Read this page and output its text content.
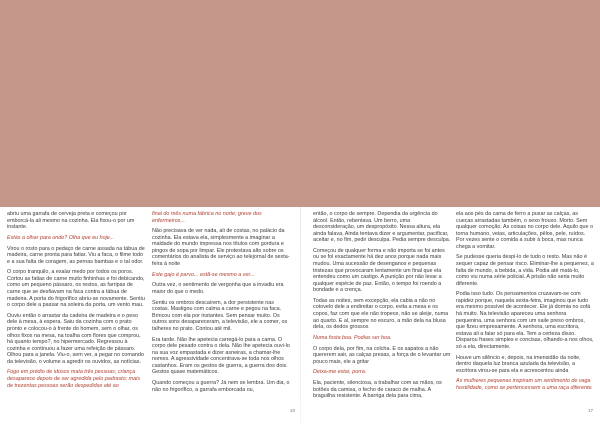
abriu uma garrafa de cerveja preta e começou por emborcá-la ali mesmo na cozinha. Ela fixou-o por um instante.

Estás a olhar para onde? Olha que eu hoje...

Virou o rosto para o pedaço de carne assada na tábua de madeira, carne pronta para fatiar. Viu a faca, o filme todo e a sua falta de coragem, as pernas bambas e o tal odor.

O corpo tranquilo, a exalar medo por todos os poros. Cortou as fatias de carne muito finhinhas e foi debicando, como um pequeno pássaro, os restos, as farripas de carne que se desfiavam na faca contra a tábua de madeira. A porta do frigorífico abriu-se novamente. Sentiu o corpo dele a passar na soleira da porta, um vento mau.

Ouviu então o arrastar da cadeira de madeira e o peso dele à mesa, à espera. Saiu da cozinha com o prato pronto e colocou-o à frente do homem, sem o olhar, os olhos fixos na mesa, na toalha com flores que comprou, há quanto tempo?, no hipermercado. Regressou à cozinha e continuou a fazer uma refeição de pássaro. Olhou para a janela. Viu-o, sem ver, a pegar no comando da televisão, o volume a agredir os ouvidos, as notícias.

Fogo em prédio de idosos mata três pessoas; criança desaparece depois de ser agredida pelo padrasto; mais de trezentas pessoas serão despedidas até ao

final do mês numa fábrica no norte; greve dos enfermeiros...

Não precisava de ver nada, ali de costas, no palácio da cozinha. Ela estava ela, simplesmente a imaginar a maldade do mundo impressa nos títulos com gordura e pingos de sopa por limpar. Ele protestava alto sobre os comentários do analista de serviço ao telejornal de sexta-feira à noite

Este gajo é parvo... estã-se mesmo a ver...

Outra vez, o sentimento de vergonha que a invadiu era maior do que o medo.

Sentiu os ombros descaírem, a dor persistente nas costas. Mastigou com calma a carne e pegou na faca. Brincou com ela por instantes. Sem pensar muito. Os outros sons desapareceram, a televisão, ele a comer, os talheres no prato. Contou até mil.

Era tarde. Não lhe apetecia carregá-lo para a cama. O corpo dele pesado contra o dela. Não lhe apetecia ouvi-lo na sua voz empastada e dizer asneiras, a chamar-lhe nomes. A agressividade concentrava-se toda nos olhos castanhos. Eram os gestos de guerra, a guerra dos dois. Gestos quase matemáticos.

Quando começou a guerra? Já nem se lembra. Um dia, o não no frigorífico, a garrafa emborcada ou,

então, o corpo de sempre. Dependia da urgência do álcool. Então, rebentava. Um berro, uma desconsideração, um despropósito. Nessa altura, ela ainda falava. Ainda tentava dizer e argumentar, pacificar, aceitar e, no fim, pedir desculpa. Pedia sempre desculpa.

Começou de qualquer forma e não importa se foi antes ou se foi exactamente há dez anos porque nada mais mudou. Uma sucessão de desenganos e pequenas tristezas que provocaram lentamente um final que ela entendeu como um castigo. A punição por não levar a qualquer espécie de paz. Então, o tempo foi roendo a bondade e a crença.

Todas as noites, sem excepção, ela cabia a não no cotovelo dele a endireitar o corpo, evita a mesa e os copos, faz com que ele não tropece, não se aleije, numa ao quarto. E al, sempre no escuro, a mão dela na blusa dela, os dedos grossos

Numa fosta boa. Podias ser boa.

O corpo dela, por fim, na colcha. E os sapatos a não quererem sair, as calças presas, a força de o levantar um pouco mais, ele a gritar

Deixa-me estar, porra.

Ela, paciente, silenciosa, a trabalhar com as mãos, os botões da camisa, o fecho de caraco de malha. A braguilha resistente. A barriga dela para cima,

ela aos pés da cama de ferro a puxar as calças, as cuecas arrastadas também, o sexo frouxo. Morto. Sem qualquer comoção. As coisas no corpo dele. Aquilo que o torna humano, veias, articulações, pêlos, pele, ruídos. Por vezes sente o comida a subir à boca, mas nunca chega a vomitar.

Se pudesse queria despi-lo de tudo o resto. Mas não é sequer capaz de pensar risco. Eliminar-lhe a pequenez, a falta de mundo, a bebida, a vida. Podia até matá-lo, como viu numa série policial. A prisão não seria muito diferente.

Podia isso tudo. Os pensamentos cruzavam-se com rapidez porque, naquela sexta-feira, imaginou que tudo era mesmo possível de acontecer. Ele já dormia no sofá há muito. Na televisão apareceu uma senhora pequenina, uma senhora com um xaile preso ombros, que fizeu empresamente. A senhora, uma escritora, estava ali a falar só para ela. Tem a certeza disso. Disparou frases simples e concisas, olhando-a nos olhos, só a ela, directamente.

Houve um silêncio e, depois, na imensidão da noite, dentro daquela luz branca azulada da televisão, a escritora virou-se para ela e acrescentou ainda

As mulheres pequenas inspiram um sentimento de vaga hostilidade, como se pertencessem a uma raça diferente.

10	17
